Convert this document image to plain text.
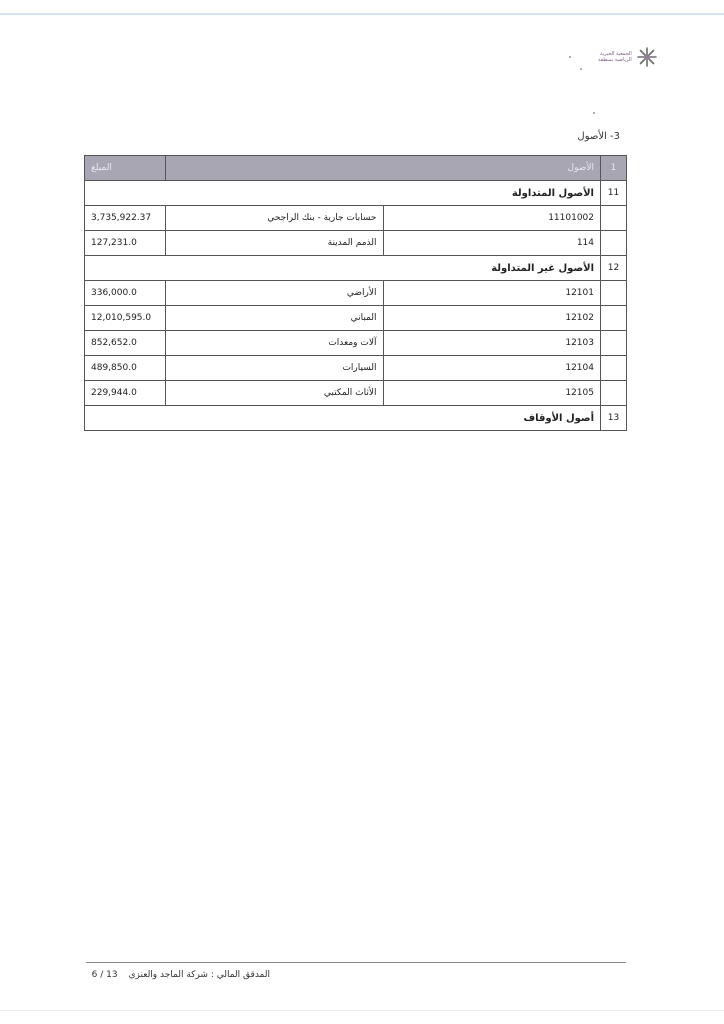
الجمعية الخيرية
الرياضية بمنطقة
3- الأصول
1	الأصول		المبلغ
11	الأصول المتداولة		
	11101002	حسابات جارية - بنك الراجحي	3,735,922.37
	114	الذمم المدينة	127,231.0
12	الأصول غير المتداولة		
	12101	الأراضي	336,000.0
	12102	المباني	12,010,595.0
	12103	آلات ومعدات	852,652.0
	12104	السيارات	489,850.0
	12105	الأثاث المكتبي	229,944.0
13	أصول الأوقاف		
المدقق المالي : شركة الماجد والعنزي 13 / 6
